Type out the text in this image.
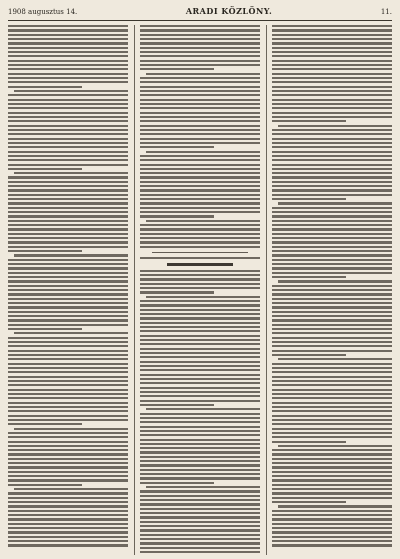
1908 augusztus 14.	ARADI KÖZLÖNY.	11.
